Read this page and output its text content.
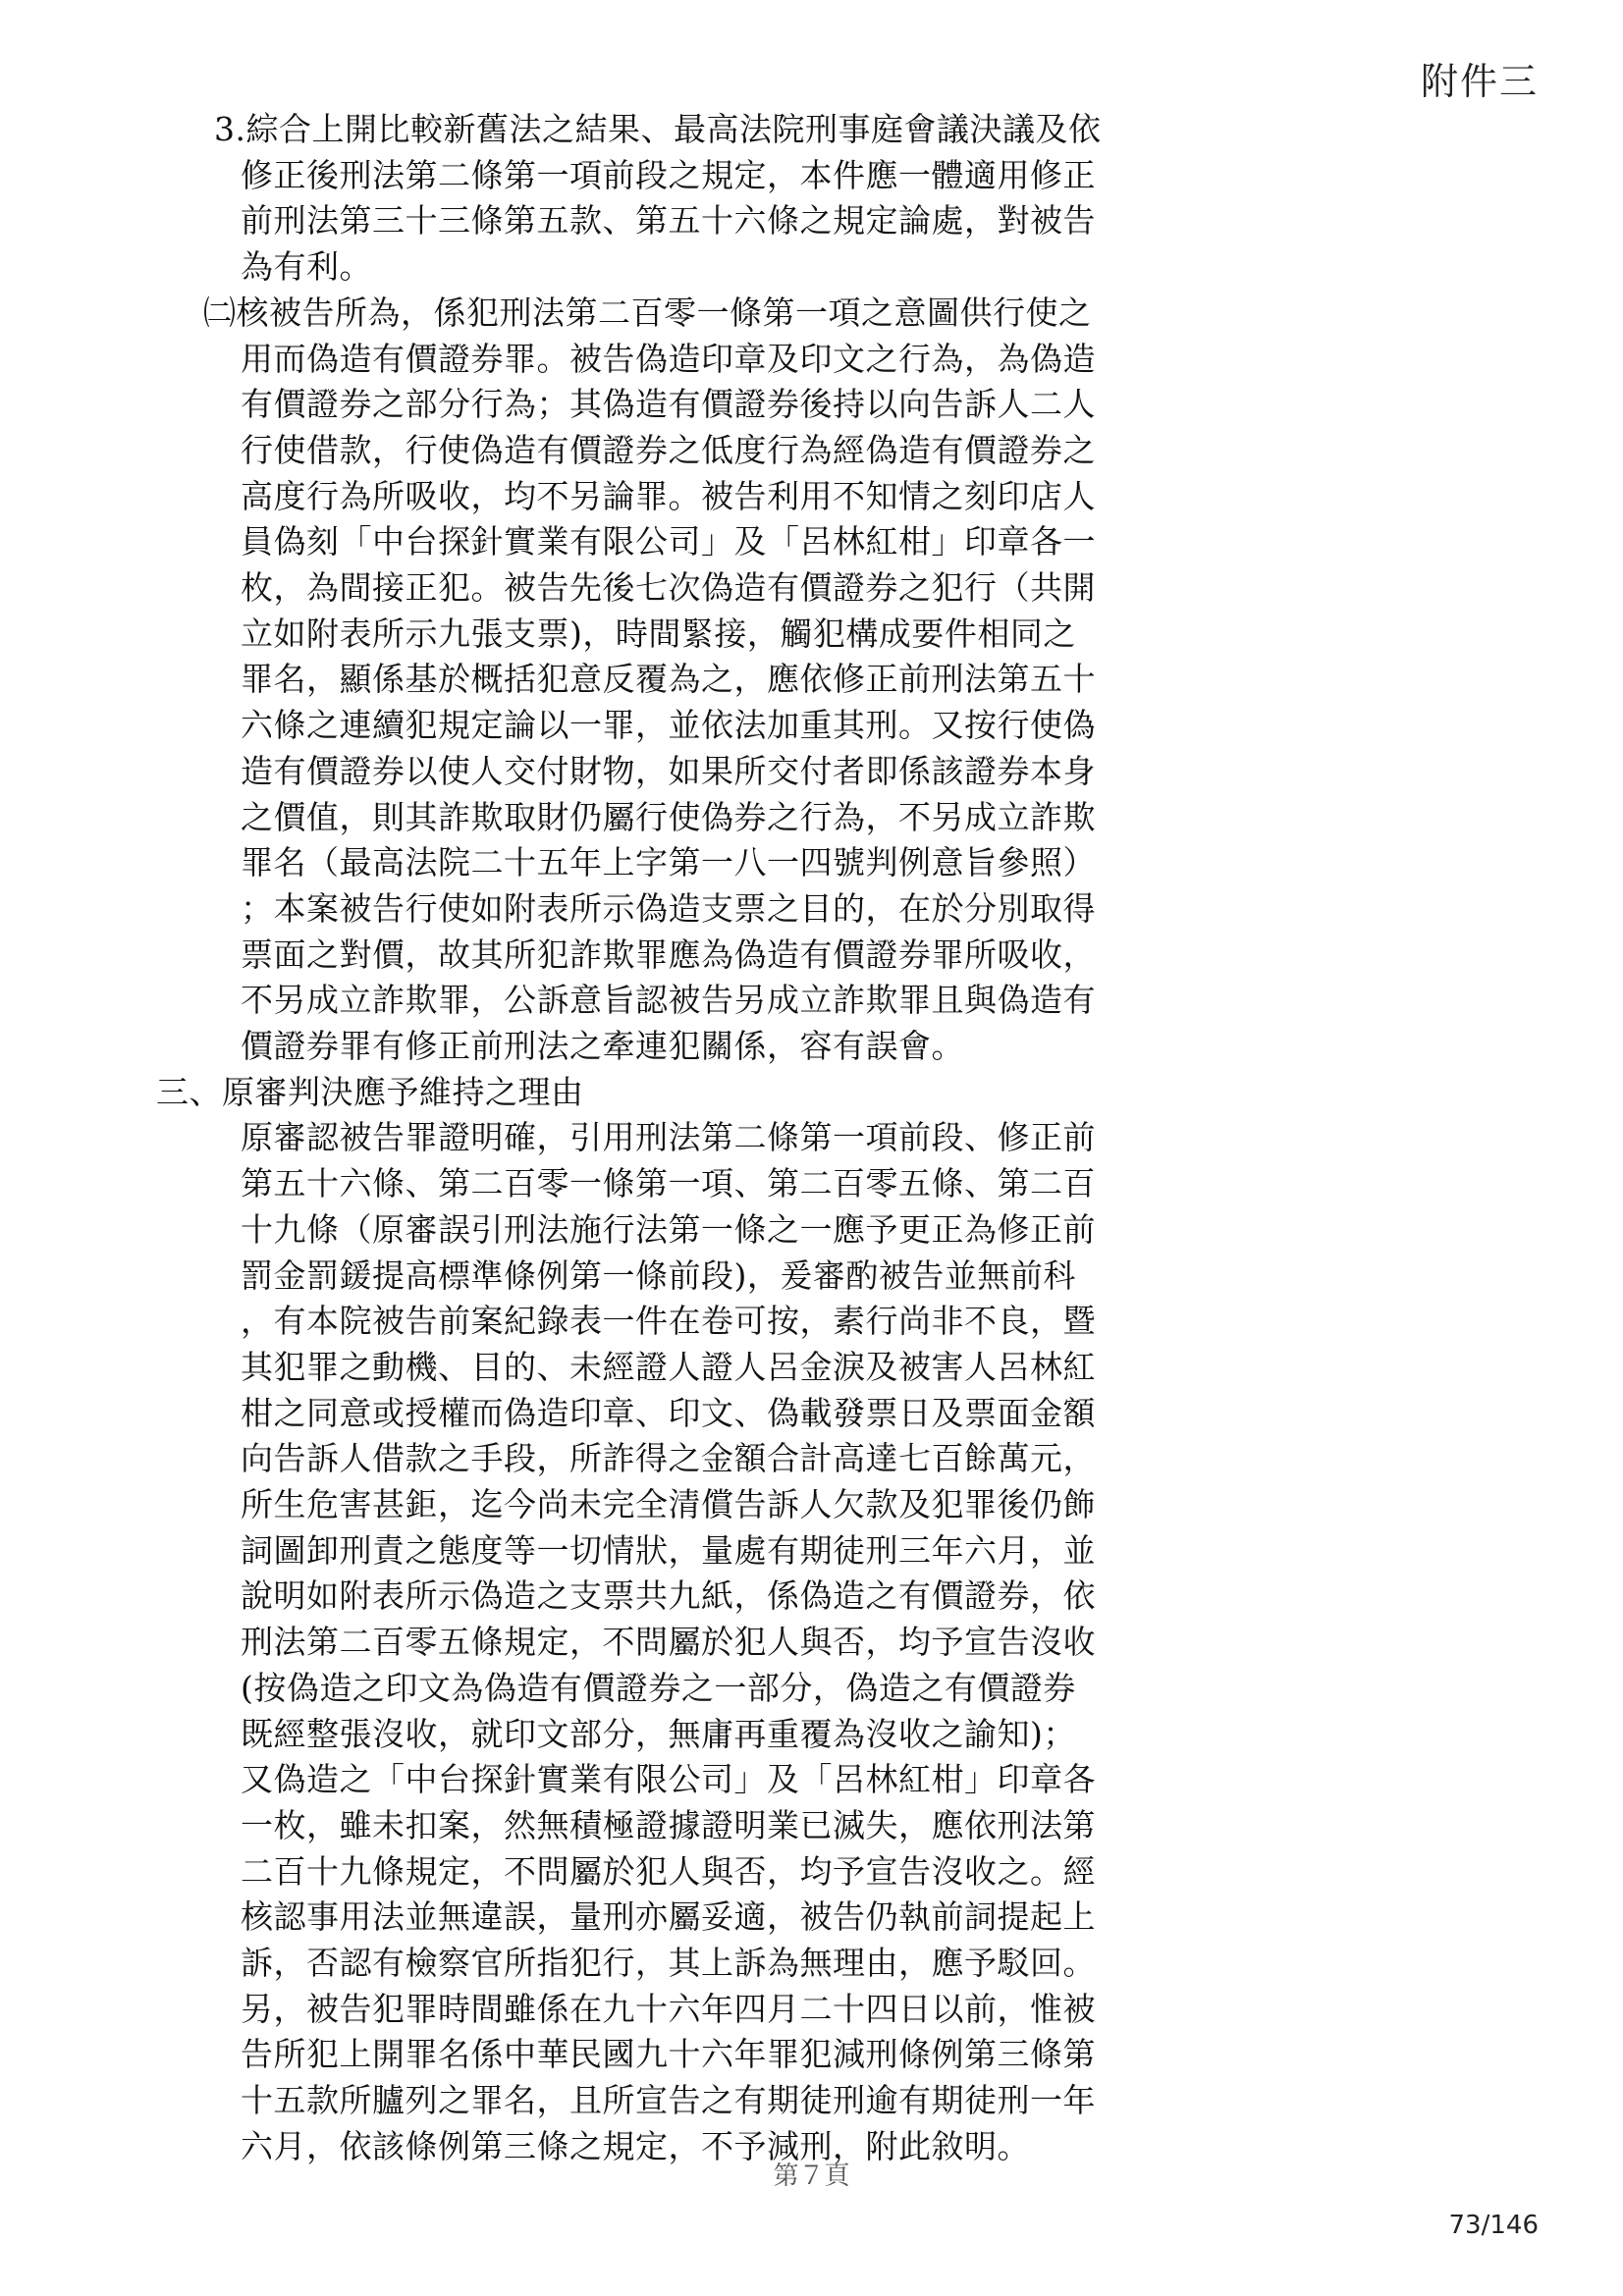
附件三
3.綜合上開比較新舊法之結果、最高法院刑事庭會議決議及依
修正後刑法第二條第一項前段之規定，本件應一體適用修正
前刑法第三十三條第五款、第五十六條之規定論處，對被告
為有利。
㈡核被告所為，係犯刑法第二百零一條第一項之意圖供行使之
用而偽造有價證券罪。被告偽造印章及印文之行為，為偽造
有價證券之部分行為；其偽造有價證券後持以向告訴人二人
行使借款，行使偽造有價證券之低度行為經偽造有價證券之
高度行為所吸收，均不另論罪。被告利用不知情之刻印店人
員偽刻「中台探針實業有限公司」及「呂林紅柑」印章各一
枚，為間接正犯。被告先後七次偽造有價證券之犯行（共開
立如附表所示九張支票)，時間緊接，觸犯構成要件相同之
罪名，顯係基於概括犯意反覆為之，應依修正前刑法第五十
六條之連續犯規定論以一罪，並依法加重其刑。又按行使偽
造有價證券以使人交付財物，如果所交付者即係該證券本身
之價值，則其詐欺取財仍屬行使偽券之行為，不另成立詐欺
罪名（最高法院二十五年上字第一八一四號判例意旨參照）
；本案被告行使如附表所示偽造支票之目的，在於分別取得
票面之對價，故其所犯詐欺罪應為偽造有價證券罪所吸收，
不另成立詐欺罪，公訴意旨認被告另成立詐欺罪且與偽造有
價證券罪有修正前刑法之牽連犯關係，容有誤會。
三、原審判決應予維持之理由
原審認被告罪證明確，引用刑法第二條第一項前段、修正前
第五十六條、第二百零一條第一項、第二百零五條、第二百
十九條（原審誤引刑法施行法第一條之一應予更正為修正前
罰金罰鍰提高標準條例第一條前段)，爰審酌被告並無前科
，有本院被告前案紀錄表一件在卷可按，素行尚非不良，暨
其犯罪之動機、目的、未經證人證人呂金淚及被害人呂林紅
柑之同意或授權而偽造印章、印文、偽載發票日及票面金額
向告訴人借款之手段，所詐得之金額合計高達七百餘萬元，
所生危害甚鉅，迄今尚未完全清償告訴人欠款及犯罪後仍飾
詞圖卸刑責之態度等一切情狀，量處有期徒刑三年六月，並
說明如附表所示偽造之支票共九紙，係偽造之有價證券，依
刑法第二百零五條規定，不問屬於犯人與否，均予宣告沒收
(按偽造之印文為偽造有價證券之一部分，偽造之有價證券
既經整張沒收，就印文部分，無庸再重覆為沒收之諭知)；
又偽造之「中台探針實業有限公司」及「呂林紅柑」印章各
一枚，雖未扣案，然無積極證據證明業已滅失，應依刑法第
二百十九條規定，不問屬於犯人與否，均予宣告沒收之。經
核認事用法並無違誤，量刑亦屬妥適，被告仍執前詞提起上
訴，否認有檢察官所指犯行，其上訴為無理由，應予駁回。
另，被告犯罪時間雖係在九十六年四月二十四日以前，惟被
告所犯上開罪名係中華民國九十六年罪犯減刑條例第三條第
十五款所臚列之罪名，且所宣告之有期徒刑逾有期徒刑一年
六月，依該條例第三條之規定，不予減刑，附此敘明。
第７頁
73/146
